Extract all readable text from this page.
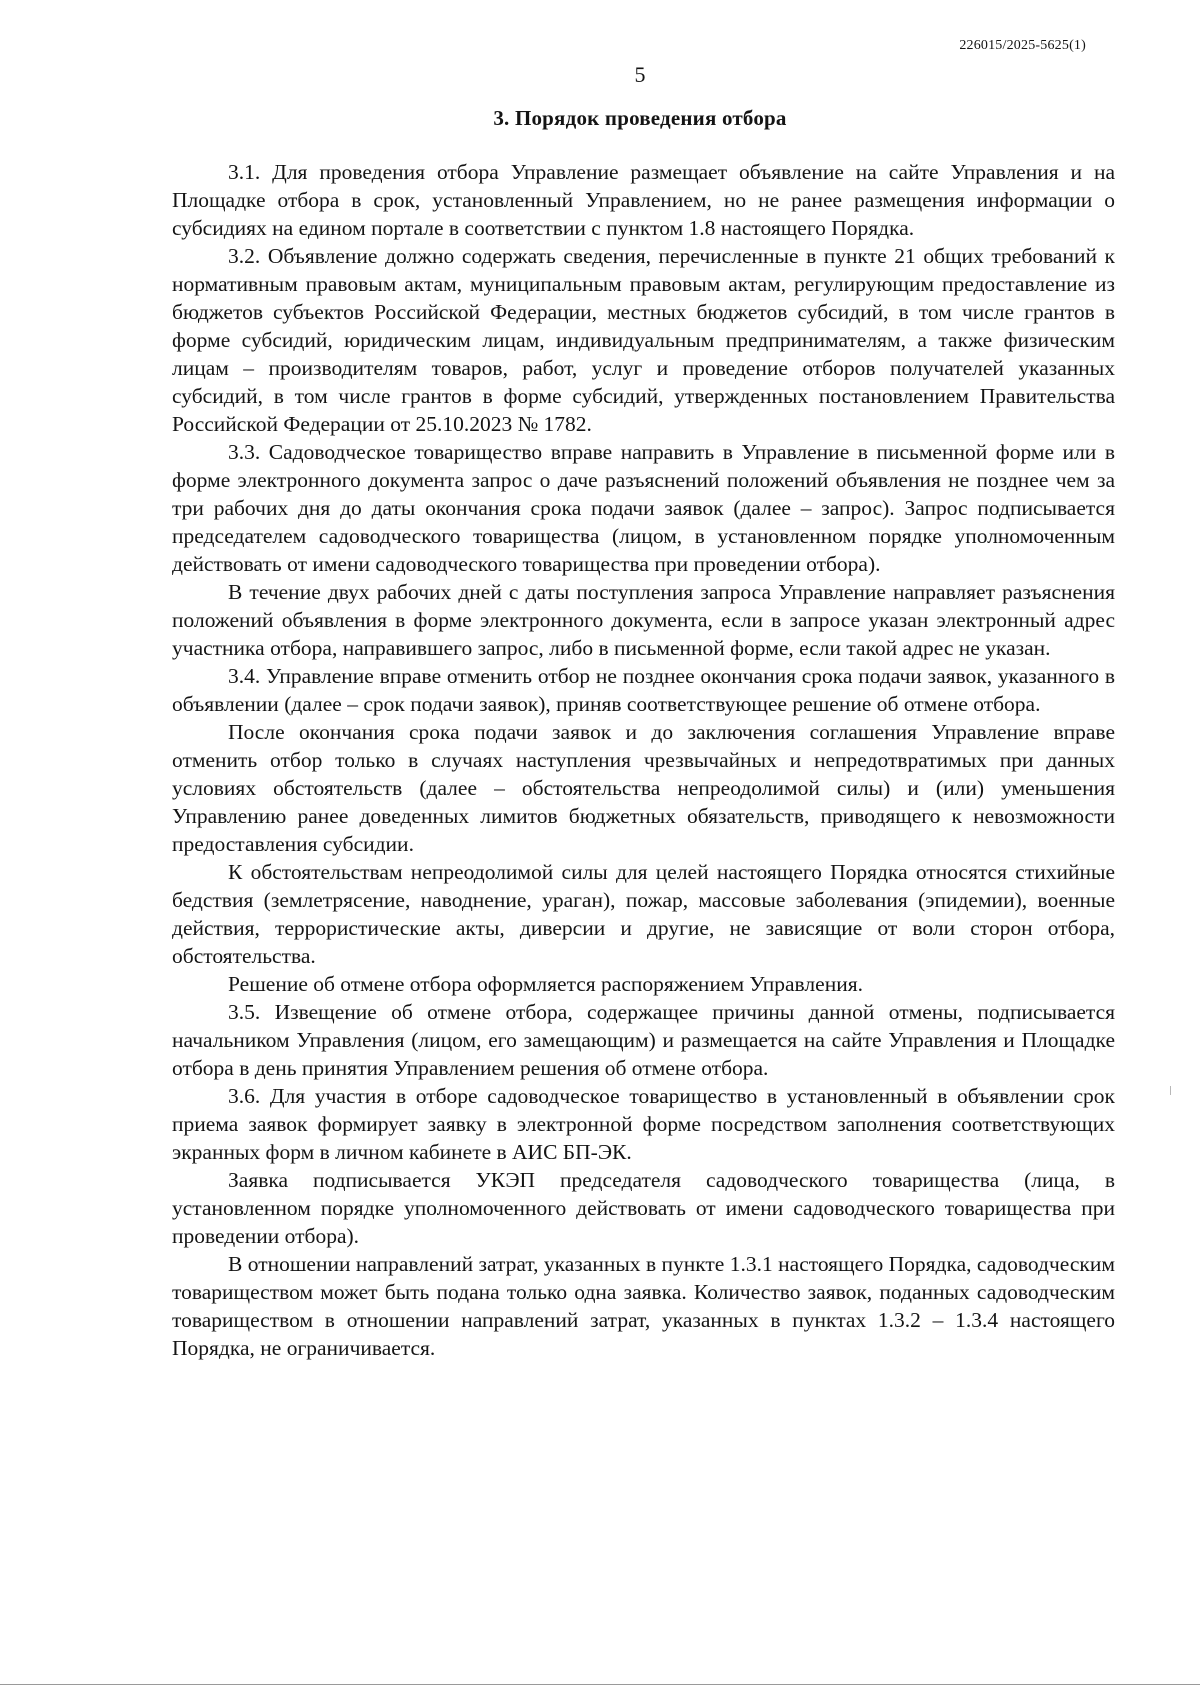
226015/2025-5625(1)
5
3. Порядок проведения отбора

3.1. Для проведения отбора Управление размещает объявление на сайте Управления и на Площадке отбора в срок, установленный Управлением, но не ранее размещения информации о субсидиях на едином портале в соответствии с пунктом 1.8 настоящего Порядка.

3.2. Объявление должно содержать сведения, перечисленные в пункте 21 общих требований к нормативным правовым актам, муниципальным правовым актам, регулирующим предоставление из бюджетов субъектов Российской Федерации, местных бюджетов субсидий, в том числе грантов в форме субсидий, юридическим лицам, индивидуальным предпринимателям, а также физическим лицам – производителям товаров, работ, услуг и проведение отборов получателей указанных субсидий, в том числе грантов в форме субсидий, утвержденных постановлением Правительства Российской Федерации от 25.10.2023 № 1782.

3.3. Садоводческое товарищество вправе направить в Управление в письменной форме или в форме электронного документа запрос о даче разъяснений положений объявления не позднее чем за три рабочих дня до даты окончания срока подачи заявок (далее – запрос). Запрос подписывается председателем садоводческого товарищества (лицом, в установленном порядке уполномоченным действовать от имени садоводческого товарищества при проведении отбора).

В течение двух рабочих дней с даты поступления запроса Управление направляет разъяснения положений объявления в форме электронного документа, если в запросе указан электронный адрес участника отбора, направившего запрос, либо в письменной форме, если такой адрес не указан.

3.4. Управление вправе отменить отбор не позднее окончания срока подачи заявок, указанного в объявлении (далее – срок подачи заявок), приняв соответствующее решение об отмене отбора.

После окончания срока подачи заявок и до заключения соглашения Управление вправе отменить отбор только в случаях наступления чрезвычайных и непредотвратимых при данных условиях обстоятельств (далее – обстоятельства непреодолимой силы) и (или) уменьшения Управлению ранее доведенных лимитов бюджетных обязательств, приводящего к невозможности предоставления субсидии.

К обстоятельствам непреодолимой силы для целей настоящего Порядка относятся стихийные бедствия (землетрясение, наводнение, ураган), пожар, массовые заболевания (эпидемии), военные действия, террористические акты, диверсии и другие, не зависящие от воли сторон отбора, обстоятельства.

Решение об отмене отбора оформляется распоряжением Управления.

3.5. Извещение об отмене отбора, содержащее причины данной отмены, подписывается начальником Управления (лицом, его замещающим) и размещается на сайте Управления и Площадке отбора в день принятия Управлением решения об отмене отбора.

3.6. Для участия в отборе садоводческое товарищество в установленный в объявлении срок приема заявок формирует заявку в электронной форме посредством заполнения соответствующих экранных форм в личном кабинете в АИС БП-ЭК.

Заявка подписывается УКЭП председателя садоводческого товарищества (лица, в установленном порядке уполномоченного действовать от имени садоводческого товарищества при проведении отбора).

В отношении направлений затрат, указанных в пункте 1.3.1 настоящего Порядка, садоводческим товариществом может быть подана только одна заявка. Количество заявок, поданных садоводческим товариществом в отношении направлений затрат, указанных в пунктах 1.3.2 – 1.3.4 настоящего Порядка, не ограничивается.
